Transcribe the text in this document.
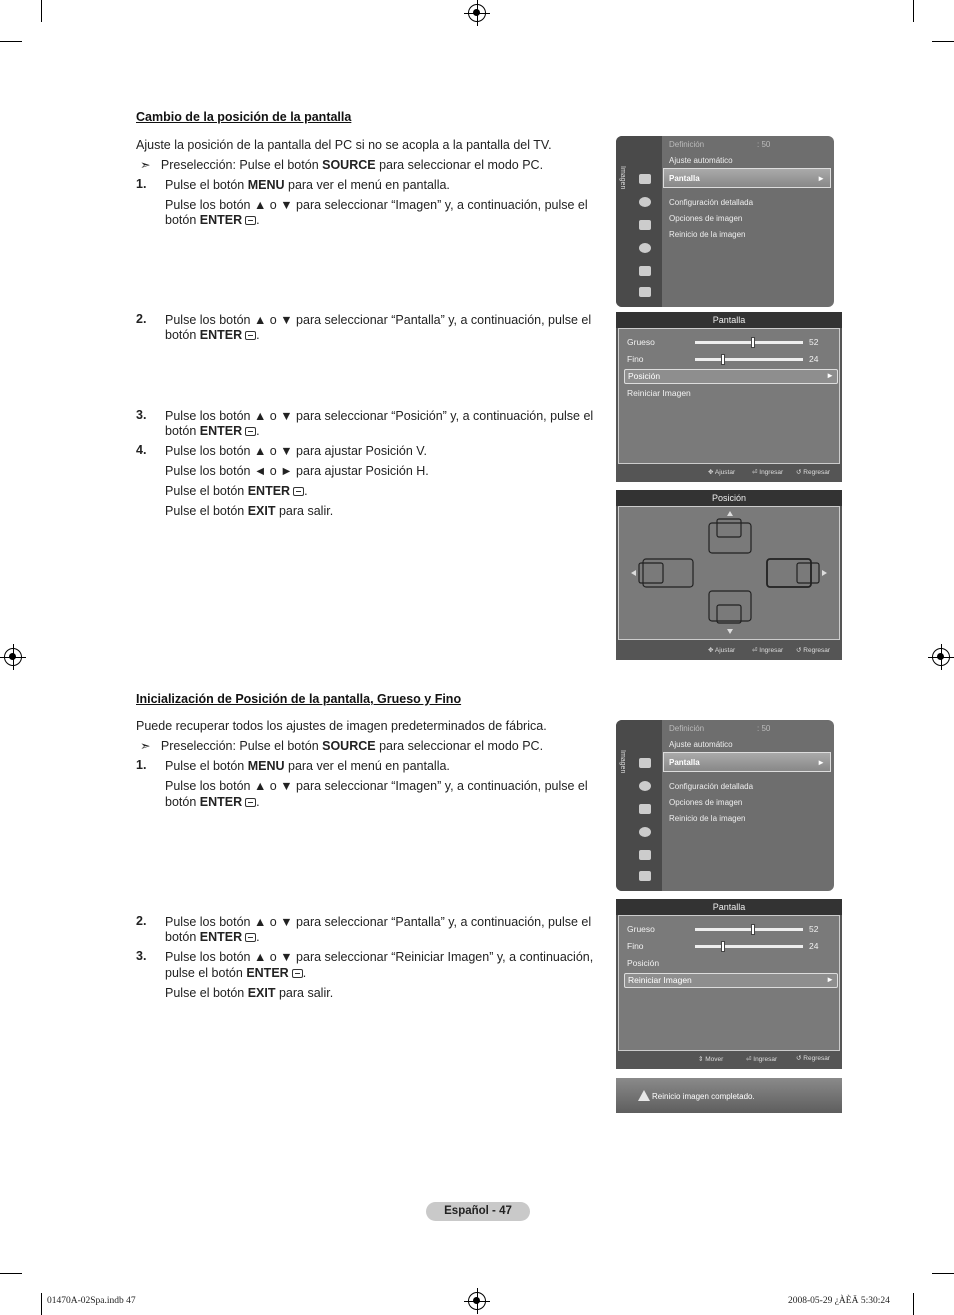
Cambio de la posición de la pantalla
Ajuste la posición de la pantalla del PC si no se acopla a la pantalla del TV.
➣   Preselección: Pulse el botón SOURCE para seleccionar el modo PC.
1. Pulse el botón MENU para ver el menú en pantalla.
Pulse los botón ▲ o ▼ para seleccionar “Imagen” y, a continuación, pulse el
botón ENTER .
2. Pulse los botón ▲ o ▼ para seleccionar “Pantalla” y, a continuación, pulse el
botón ENTER .
3. Pulse los botón ▲ o ▼ para seleccionar “Posición” y, a continuación, pulse el
botón ENTER .
4. Pulse los botón ▲ o ▼ para ajustar Posición V.
Pulse los botón ◄ o ► para ajustar Posición H.
Pulse el botón ENTER .
Pulse el botón EXIT para salir.
Imagen
Definición	: 50
Ajuste automático
Pantalla	►
Configuración detallada
Opciones de imagen
Reinicio de la imagen
Pantalla
Grueso	52
Fino	24
Posición	►
Reiniciar Imagen
✥ Ajustar	⏎ Ingresar ↺ Regresar
Posición
✥ Ajustar	⏎ Ingresar ↺ Regresar
Inicialización de Posición de la pantalla, Grueso y Fino
Puede recuperar todos los ajustes de imagen predeterminados de fábrica.
➣   Preselección: Pulse el botón SOURCE para seleccionar el modo PC.
1. Pulse el botón MENU para ver el menú en pantalla.
Pulse los botón ▲ o ▼ para seleccionar “Imagen” y, a continuación, pulse el
botón ENTER .
2. Pulse los botón ▲ o ▼ para seleccionar “Pantalla” y, a continuación, pulse el
botón ENTER .
3. Pulse los botón ▲ o ▼ para seleccionar “Reiniciar Imagen” y, a continuación,
pulse el botón ENTER .
Pulse el botón EXIT para salir.
Imagen
Definición	: 50
Ajuste automático
Pantalla	►
Configuración detallada
Opciones de imagen
Reinicio de la imagen
Pantalla
Grueso	52
Fino	24
Posición
Reiniciar Imagen	►
⇕ Mover	⏎ Ingresar	↺ Regresar
Reinicio imagen completado.
Español - 47
01470A-02Spa.indb 47	2008-05-29 ¿ÀÈÄ 5:30:24
